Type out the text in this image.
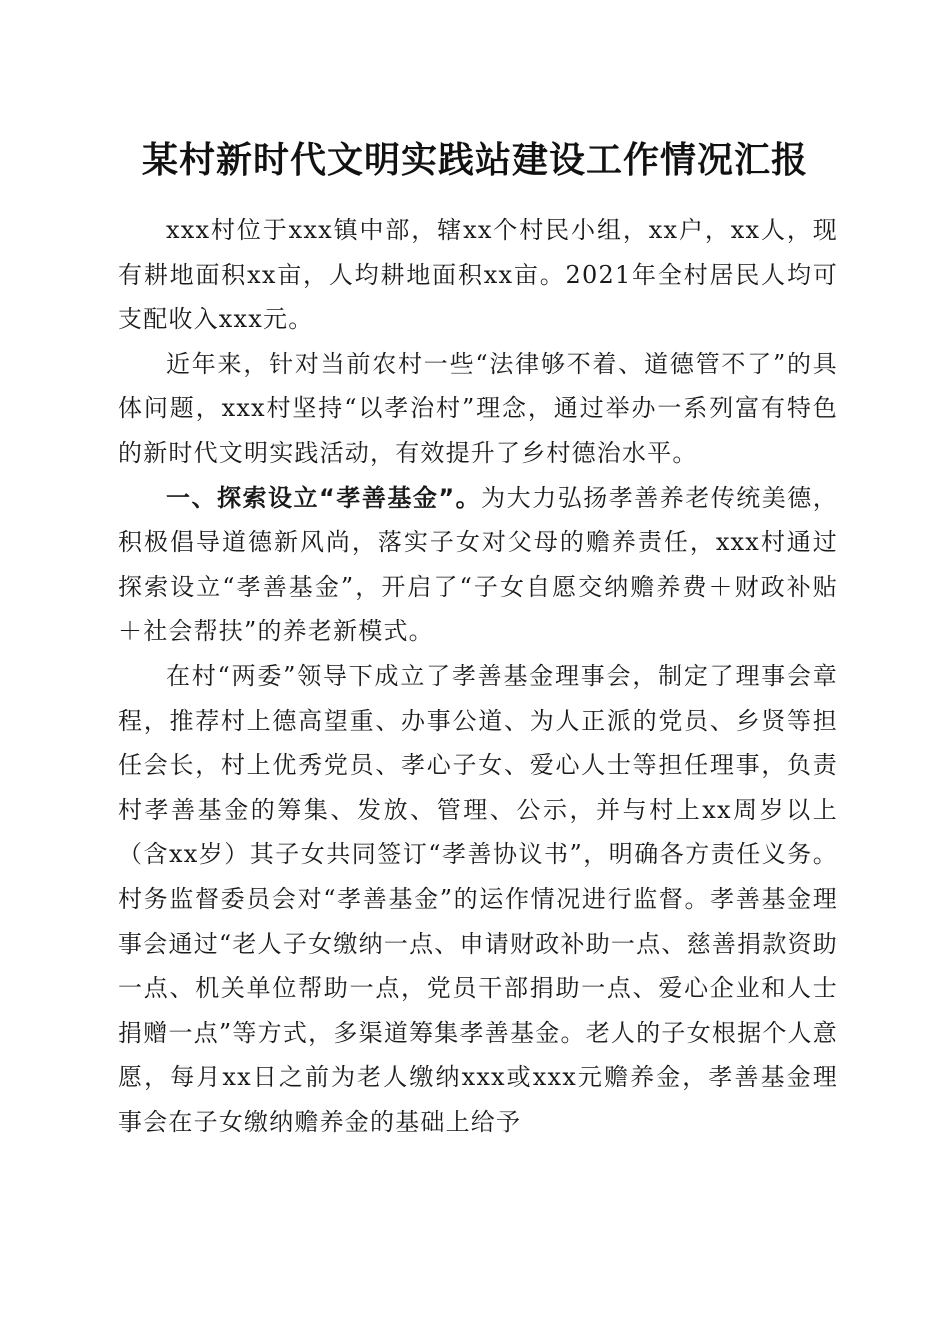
某村新时代文明实践站建设工作情况汇报

xxx村位于xxx镇中部，辖xx个村民小组，xx户，xx人，现有耕地面积xx亩，人均耕地面积xx亩。2021年全村居民人均可支配收入xxx元。

近年来，针对当前农村一些“法律够不着、道德管不了”的具体问题，xxx村坚持“以孝治村”理念，通过举办一系列富有特色的新时代文明实践活动，有效提升了乡村德治水平。

一、探索设立“孝善基金”。为大力弘扬孝善养老传统美德，积极倡导道德新风尚，落实子女对父母的赡养责任，xxx村通过探索设立“孝善基金”，开启了“子女自愿交纳赡养费＋财政补贴＋社会帮扶”的养老新模式。

在村“两委”领导下成立了孝善基金理事会，制定了理事会章程，推荐村上德高望重、办事公道、为人正派的党员、乡贤等担任会长，村上优秀党员、孝心子女、爱心人士等担任理事，负责村孝善基金的筹集、发放、管理、公示，并与村上xx周岁以上（含xx岁）其子女共同签订“孝善协议书”，明确各方责任义务。村务监督委员会对“孝善基金”的运作情况进行监督。孝善基金理事会通过“老人子女缴纳一点、申请财政补助一点、慈善捐款资助一点、机关单位帮助一点，党员干部捐助一点、爱心企业和人士捐赠一点”等方式，多渠道筹集孝善基金。老人的子女根据个人意愿，每月xx日之前为老人缴纳xxx或xxx元赡养金，孝善基金理事会在子女缴纳赡养金的基础上给予
